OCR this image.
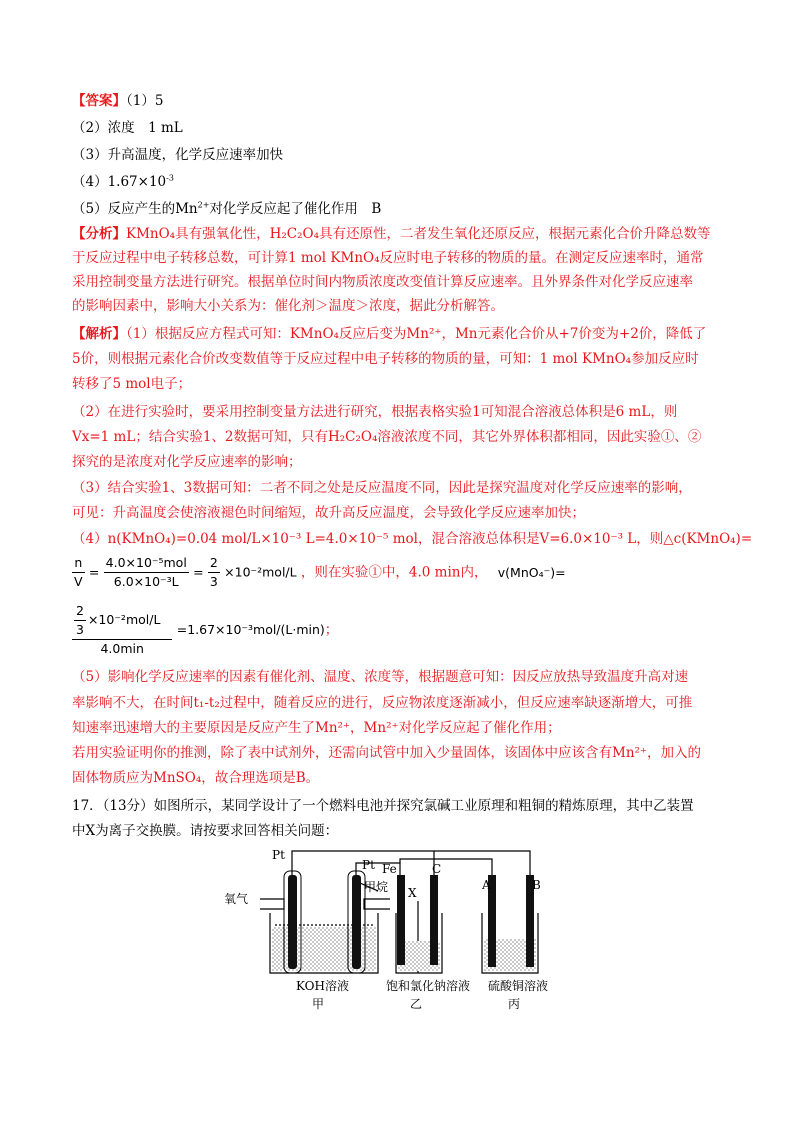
【答案】（1）5
（2）浓度　1 mL
（3）升高温度，化学反应速率加快
$(4)1.67\times 10^{-3}$
（5）反应产生的$Mn^{2+}$对化学反应起了催化作用　B
【分析】KMnO₄具有强氧化性，H₂C₂O₄具有还原性，二者发生氧化还原反应，根据元素化合价升降总数等
于反应过程中电子转移总数，可计算1 mol KMnO₄反应时电子转移的物质的量。在测定反应速率时，通常
采用控制变量方法进行研究。根据单位时间内物质浓度改变值计算反应速率。且外界条件对化学反应速率
的影响因素中，影响大小关系为：催化剂＞温度＞浓度，据此分析解答。
【解析】（1）根据反应方程式可知：KMnO₄反应后变为Mn²⁺，Mn元素化合价从+7价变为+2价，降低了
5价，则根据元素化合价改变数值等于反应过程中电子转移的物质的量，可知：1 mol KMnO₄参加反应时
转移了5 mol电子；
（2）在进行实验时，要采用控制变量方法进行研究，根据表格实验1可知混合溶液总体积是6 mL，则
Vx=1 mL；结合实验1、2数据可知，只有H₂C₂O₄溶液浓度不同，其它外界体积都相同，因此实验①、②
探究的是浓度对化学反应速率的影响；
（3）结合实验1、3数据可知：二者不同之处是反应温度不同，因此是探究温度对化学反应速率的影响，
可见：升高温度会使溶液褪色时间缩短，故升高反应温度，会导致化学反应速率加快；
（4）n(KMnO₄)=0.04 mol/L×10⁻³ L=4.0×10⁻⁵ mol，混合溶液总体积是V=6.0×10⁻³ L，则△c(KMnO₄)=
$\frac{n}{V} = \frac{\text{4.0×10⁻⁵mol}}{\text{6.0×10⁻³L}} = \frac{2}{3} \times 10^{-2}mol/L$ ，则在实验①中，4.0 min内， v(MnO₄⁻)=
$\frac{\frac{2}{3} \times 10^{-2}mol/L}{4.0\min} =1.67\times 10^{-3}mol/(L\cdot\min)$；
（5）影响化学反应速率的因素有催化剂、温度、浓度等，根据题意可知：因反应放热导致温度升高对速
率影响不大，在时间t₁-t₂过程中，随着反应的进行，反应物浓度逐渐减小，但反应速率缺逐渐增大，可推
知速率迅速增大的主要原因是反应产生了Mn²⁺，Mn²⁺对化学反应起了催化作用；
若用实验证明你的推测，除了表中试剂外，还需向试管中加入少量固体，该固体中应该含有Mn²⁺，加入的
固体物质应为MnSO₄，故合理选项是B。
17．（13分）如图所示，某同学设计了一个燃料电池并探究氯碱工业原理和粗铜的精炼原理，其中乙装置
中X为离子交换膜。请按要求回答相关问题：
Pt
Pt Fe	C
A	B
X
氧气
甲烷
KOH溶液	饱和氯化钠溶液 硫酸铜溶液
甲	乙	丙
